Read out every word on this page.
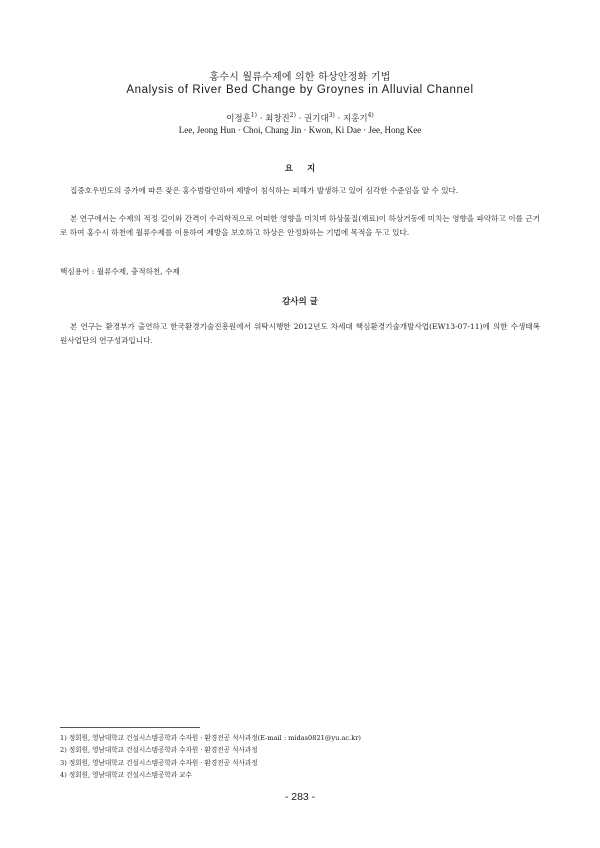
홍수시 월류수제에 의한 하상안정화 기법
Analysis of River Bed Change by Groynes in Alluvial Channel
이정훈$^{1)}$ · 최창진$^{2)}$ · 권기대$^{3)}$ · 지홍기$^{4)}$
Lee, Jeong Hun · Choi, Chang Jin · Kwon, Ki Dae · Jee, Hong Kee
요지
집중호우빈도의 증가에 따른 잦은 홍수범람인하여 제방이 침식하는 피해가 발생하고 있어 심각한 수준임을 알 수 있다.
본 연구에서는 수제의 적정 길이와 간격이 수리학적으로 어떠한 영향을 미치며 하상물질(재료)이 하상거동에 미치는 영향을 파악하고 이를 근거로 하여 홍수시 하천에 월류수제를 이용하여 제방을 보호하고 하상은 안정화하는 기법에 목적을 두고 있다.
핵심용어 : 월류수제, 충적하천, 수제
감사의 글
본 연구는 환경부가 출연하고 한국환경기술진흥원에서 위탁시행한 2012년도 차세대 핵심환경기술개발사업(EW13-07-11)에 의한 수생태복원사업단의 연구성과입니다.
1) 정회원, 영남대학교 건설시스템공학과 수자원 · 환경전공 석사과정(E-mail : midas0821@yu.ac.kr)
2) 정회원, 영남대학교 건설시스템공학과 수자원 · 환경전공 석사과정
3) 정회원, 영남대학교 건설시스템공학과 수자원 · 환경전공 석사과정
4) 정회원, 영남대학교 건설시스템공학과 교수
- 283 -
